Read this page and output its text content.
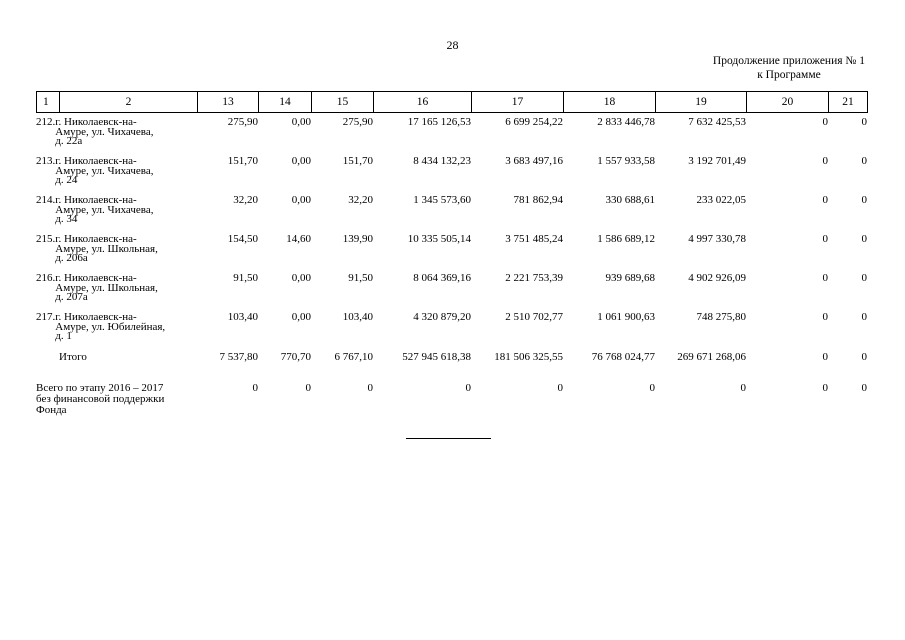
28
Продолжение приложения № 1
к Программе
1	2	13	14	15	16	17	18	19	20	21
212. г. Николаевск-на-
Амуре, ул. Чихачева,
д. 22а	275,90	0,00	275,90	17 165 126,53	6 699 254,22	2 833 446,78	7 632 425,53	0	0

213. г. Николаевск-на-
Амуре, ул. Чихачева,
д. 24	151,70	0,00	151,70	8 434 132,23	3 683 497,16	1 557 933,58	3 192 701,49	0	0

214. г. Николаевск-на-
Амуре, ул. Чихачева,
д. 34	32,20	0,00	32,20	1 345 573,60	781 862,94	330 688,61	233 022,05	0	0

215. г. Николаевск-на-
Амуре, ул. Школьная,
д. 206а	154,50	14,60	139,90	10 335 505,14	3 751 485,24	1 586 689,12	4 997 330,78	0	0

216. г. Николаевск-на-
Амуре, ул. Школьная,
д. 207а	91,50	0,00	91,50	8 064 369,16	2 221 753,39	939 689,68	4 902 926,09	0	0

217. г. Николаевск-на-
Амуре, ул. Юбилейная,
д. 1	103,40	0,00	103,40	4 320 879,20	2 510 702,77	1 061 900,63	748 275,80	0	0

Итого	7 537,80	770,70	6 767,10	527 945 618,38	181 506 325,55	76 768 024,77	269 671 268,06	0	0

Всего по этапу 2016 – 2017
без финансовой поддержки
Фонда	0	0	0	0	0	0	0	0	0
